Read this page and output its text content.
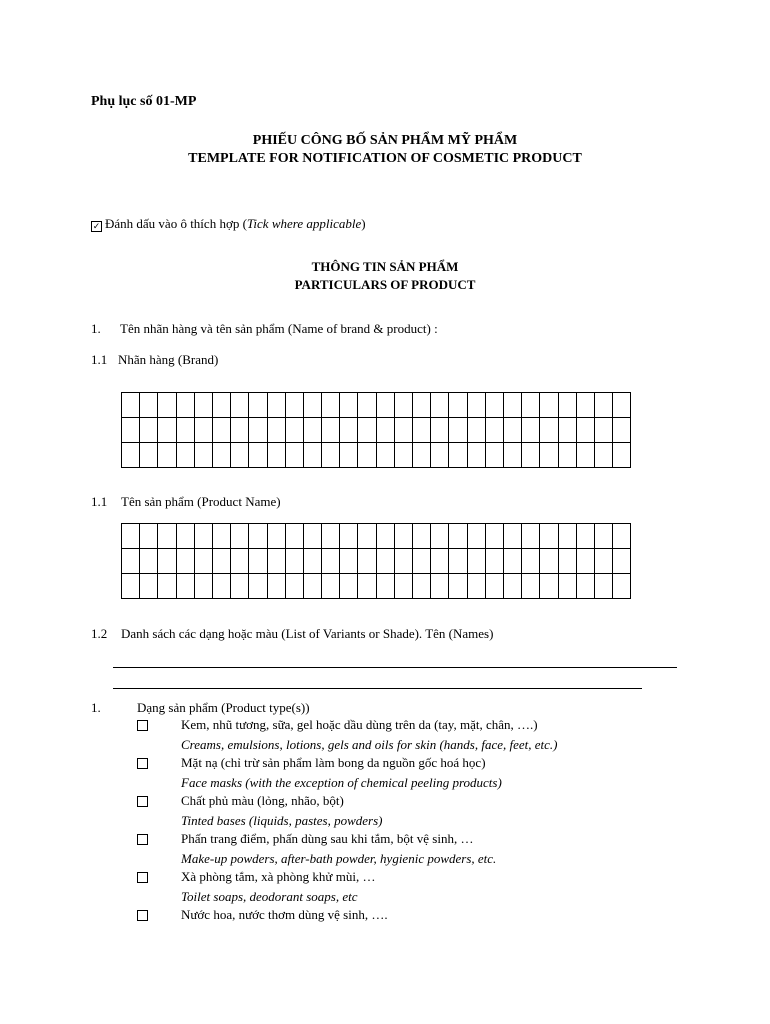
Phụ lục số 01-MP
PHIẾU CÔNG BỐ SẢN PHẨM MỸ PHẨM
TEMPLATE FOR NOTIFICATION OF COSMETIC PRODUCT
✓ Đánh dấu vào ô thích hợp (Tick where applicable)
THÔNG TIN SẢN PHẨM
PARTICULARS OF PRODUCT
1. Tên nhãn hàng và tên sản phẩm (Name of brand & product) :
1.1 Nhãn hàng (Brand)

1.1 Tên sản phẩm (Product Name)

1.2 Danh sách các dạng hoặc màu (List of Variants or Shade). Tên (Names)
1.	Dạng sản phẩm (Product type(s))
Kem, nhũ tương, sữa, gel hoặc dầu dùng trên da (tay, mặt, chân, ….)
Creams, emulsions, lotions, gels and oils for skin (hands, face, feet, etc.)
Mặt nạ (chỉ trừ sản phẩm làm bong da nguồn gốc hoá học)
Face masks (with the exception of chemical peeling products)
Chất phủ màu (lỏng, nhão, bột)
Tinted bases (liquids, pastes, powders)
Phấn trang điểm, phấn dùng sau khi tắm, bột vệ sinh, …
Make-up powders, after-bath powder, hygienic powders, etc.
Xà phòng tắm, xà phòng khử mùi, …
Toilet soaps, deodorant soaps, etc
Nước hoa, nước thơm dùng vệ sinh, ….
